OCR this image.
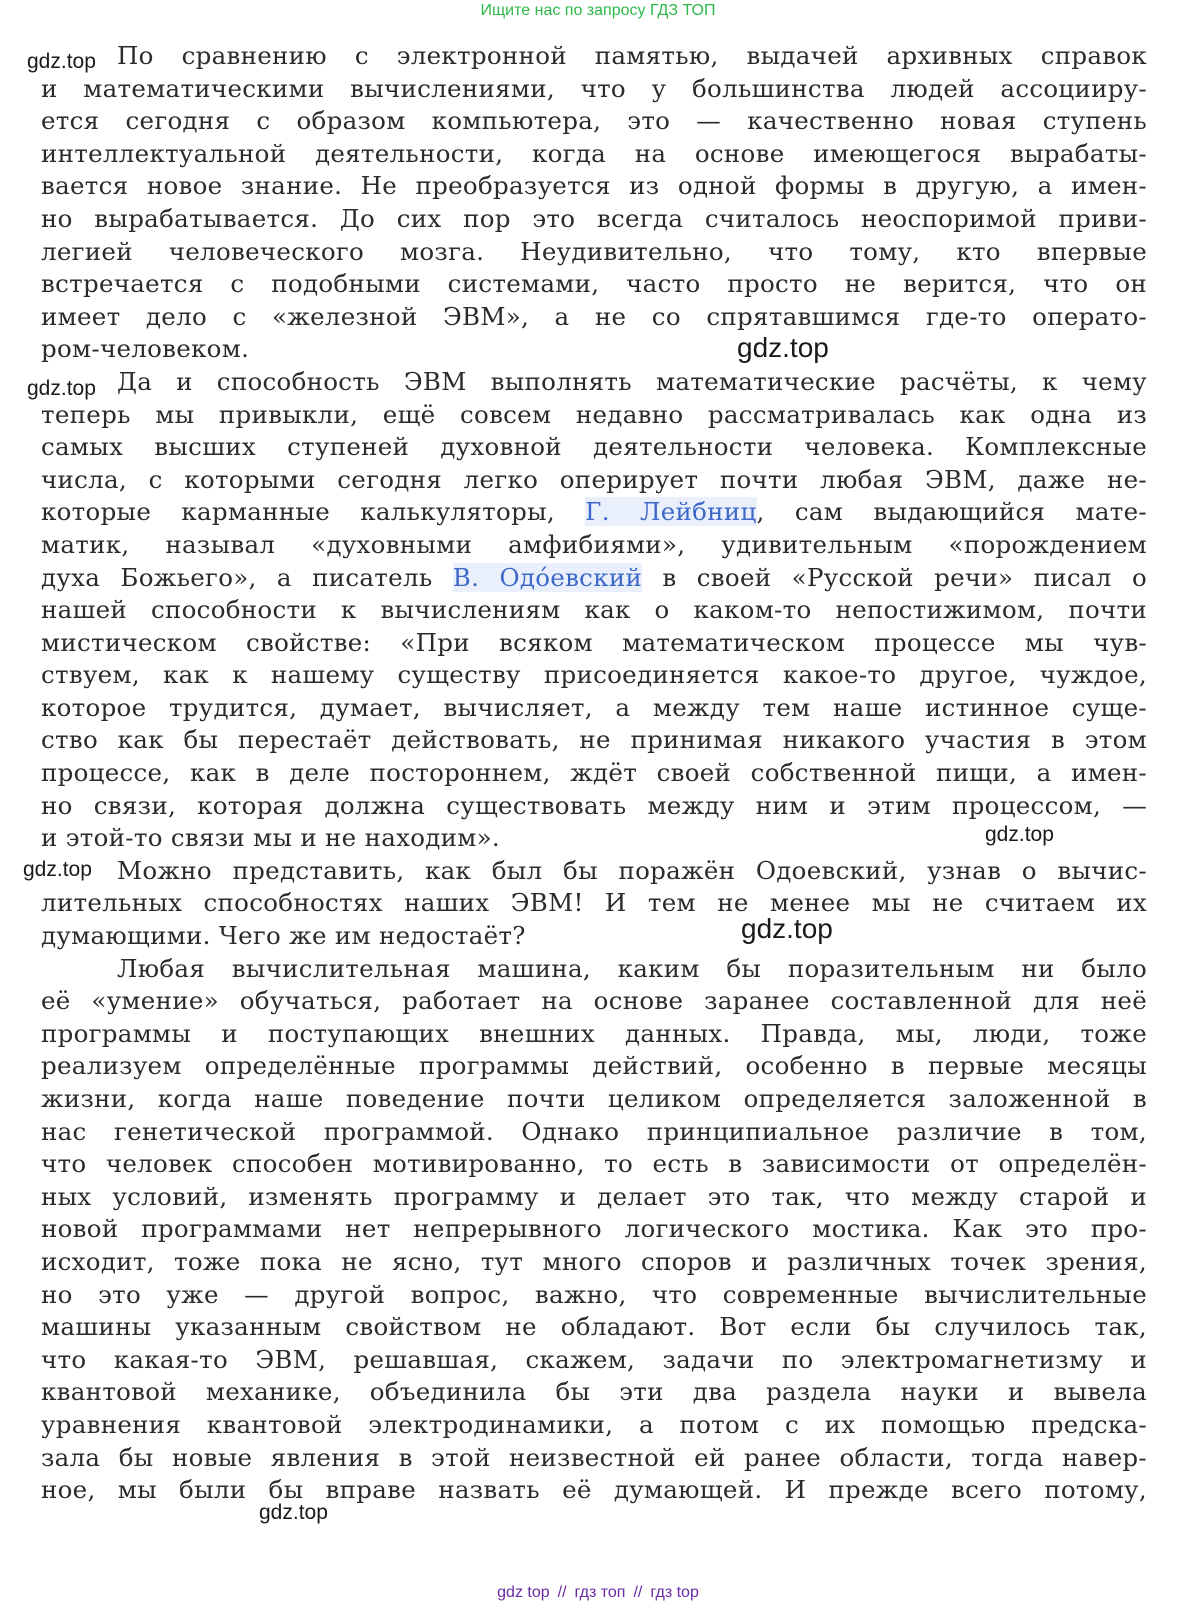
Ищите нас по запросу ГДЗ ТОП
По сравнению с электронной памятью, выдачей архивных справок
и математическими вычислениями, что у большинства людей ассоцииру-
ется сегодня с образом компьютера, это — качественно новая ступень
интеллектуальной деятельности, когда на основе имеющегося вырабаты-
вается новое знание. Не преобразуется из одной формы в другую, а имен-
но вырабатывается. До сих пор это всегда считалось неоспоримой приви-
легией человеческого мозга. Неудивительно, что тому, кто впервые
встречается с подобными системами, часто просто не верится, что он
имеет дело с «железной ЭВМ», а не со спрятавшимся где-то операто-
ром-человеком.
Да и способность ЭВМ выполнять математические расчёты, к чему
теперь мы привыкли, ещё совсем недавно рассматривалась как одна из
самых высших ступеней духовной деятельности человека. Комплексные
числа, с которыми сегодня легко оперирует почти любая ЭВМ, даже не-
которые карманные калькуляторы, Г. Лейбниц, сам выдающийся мате-
матик, называл «духовными амфибиями», удивительным «порождением
духа Божьего», а писатель В. Одо́евский в своей «Русской речи» писал о
нашей способности к вычислениям как о каком-то непостижимом, почти
мистическом свойстве: «При всяком математическом процессе мы чув-
ствуем, как к нашему существу присоединяется какое-то другое, чуждое,
которое трудится, думает, вычисляет, а между тем наше истинное суще-
ство как бы перестаёт действовать, не принимая никакого участия в этом
процессе, как в деле постороннем, ждёт своей собственной пищи, а имен-
но связи, которая должна существовать между ним и этим процессом, —
и этой-то связи мы и не находим».
Можно представить, как был бы поражён Одоевский, узнав о вычис-
лительных способностях наших ЭВМ! И тем не менее мы не считаем их
думающими. Чего же им недостаёт?
Любая вычислительная машина, каким бы поразительным ни было
её «умение» обучаться, работает на основе заранее составленной для неё
программы и поступающих внешних данных. Правда, мы, люди, тоже
реализуем определённые программы действий, особенно в первые месяцы
жизни, когда наше поведение почти целиком определяется заложенной в
нас генетической программой. Однако принципиальное различие в том,
что человек способен мотивированно, то есть в зависимости от определён-
ных условий, изменять программу и делает это так, что между старой и
новой программами нет непрерывного логического мостика. Как это про-
исходит, тоже пока не ясно, тут много споров и различных точек зрения,
но это уже — другой вопрос, важно, что современные вычислительные
машины указанным свойством не обладают. Вот если бы случилось так,
что какая-то ЭВМ, решавшая, скажем, задачи по электромагнетизму и
квантовой механике, объединила бы эти два раздела науки и вывела
уравнения квантовой электродинамики, а потом с их помощью предска-
зала бы новые явления в этой неизвестной ей ранее области, тогда навер-
ное, мы были бы вправе назвать её думающей. И прежде всего потому,
gdz.top
gdz.top
gdz.top
gdz.top
gdz.top
gdz.top
gdz.top
gdz top // гдз топ // гдз top
